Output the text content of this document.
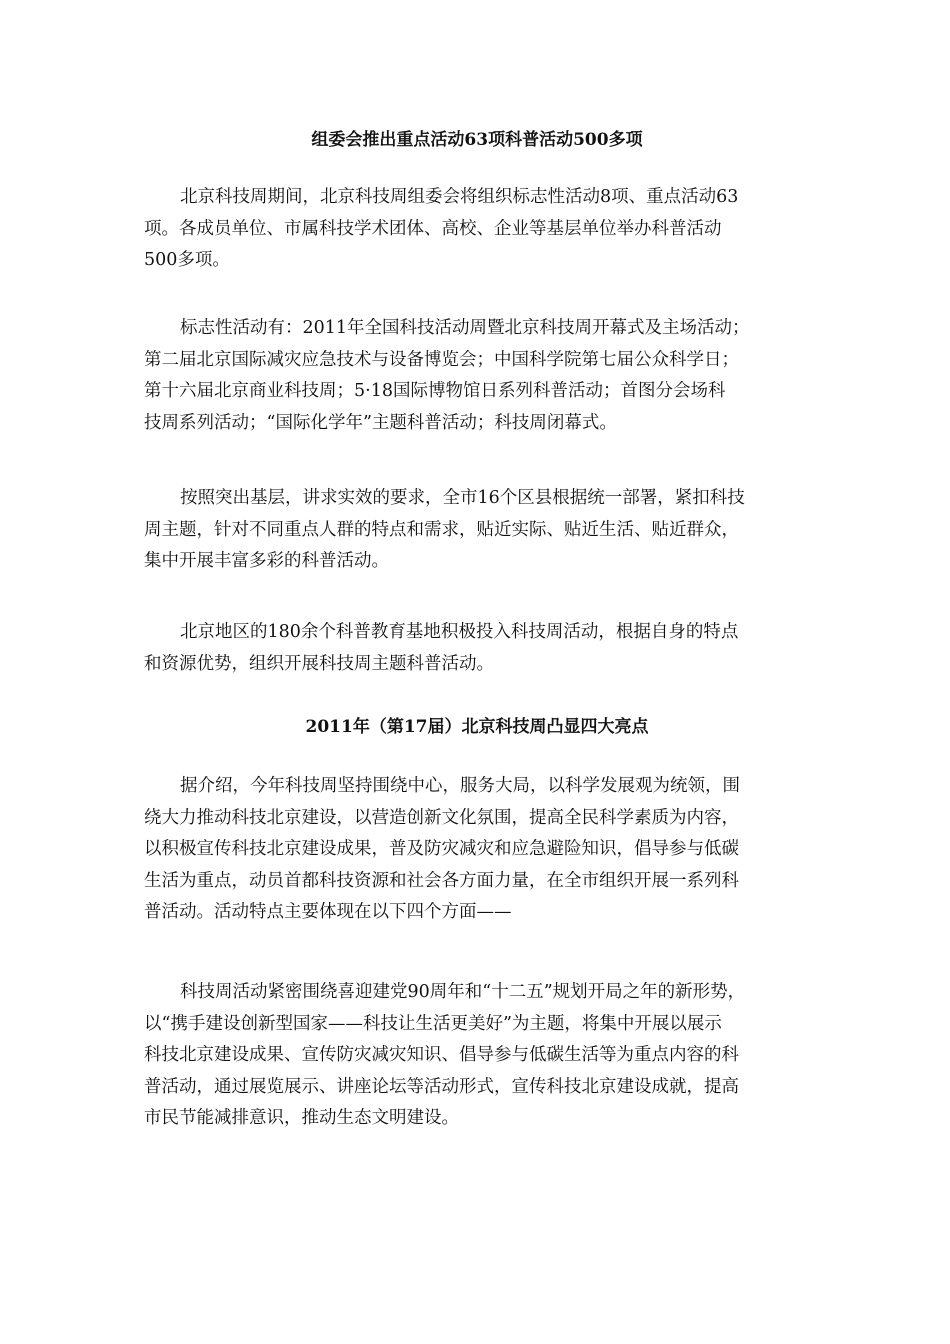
组委会推出重点活动63项科普活动500多项
北京科技周期间，北京科技周组委会将组织标志性活动8项、重点活动63
项。各成员单位、市属科技学术团体、高校、企业等基层单位举办科普活动
500多项。
标志性活动有：2011年全国科技活动周暨北京科技周开幕式及主场活动；
第二届北京国际减灾应急技术与设备博览会；中国科学院第七届公众科学日；
第十六届北京商业科技周；5·18国际博物馆日系列科普活动；首图分会场科
技周系列活动；“国际化学年”主题科普活动；科技周闭幕式。
按照突出基层，讲求实效的要求，全市16个区县根据统一部署，紧扣科技
周主题，针对不同重点人群的特点和需求，贴近实际、贴近生活、贴近群众，
集中开展丰富多彩的科普活动。
北京地区的180余个科普教育基地积极投入科技周活动，根据自身的特点
和资源优势，组织开展科技周主题科普活动。
2011年（第17届）北京科技周凸显四大亮点
据介绍，今年科技周坚持围绕中心，服务大局，以科学发展观为统领，围
绕大力推动科技北京建设，以营造创新文化氛围，提高全民科学素质为内容，
以积极宣传科技北京建设成果，普及防灾减灾和应急避险知识，倡导参与低碳
生活为重点，动员首都科技资源和社会各方面力量，在全市组织开展一系列科
普活动。活动特点主要体现在以下四个方面——
科技周活动紧密围绕喜迎建党90周年和“十二五”规划开局之年的新形势，
以“携手建设创新型国家——科技让生活更美好”为主题，将集中开展以展示
科技北京建设成果、宣传防灾减灾知识、倡导参与低碳生活等为重点内容的科
普活动，通过展览展示、讲座论坛等活动形式，宣传科技北京建设成就，提高
市民节能减排意识，推动生态文明建设。
